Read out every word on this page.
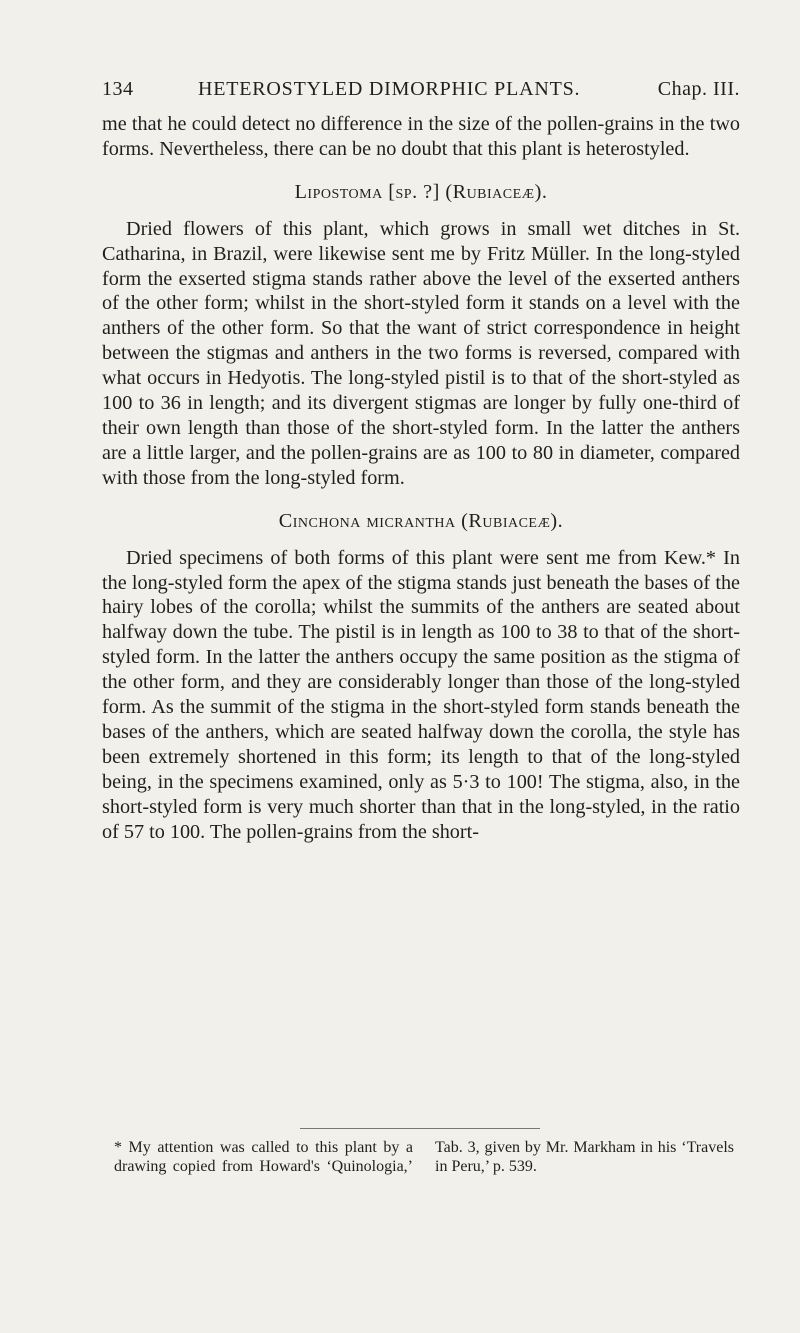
134	HETEROSTYLED DIMORPHIC PLANTS.	Chap. III.

me that he could detect no difference in the size of the pollen-grains in the two forms. Nevertheless, there can be no doubt that this plant is heterostyled.

Lipostoma [sp. ?] (Rubiaceæ).

Dried flowers of this plant, which grows in small wet ditches in St. Catharina, in Brazil, were likewise sent me by Fritz Müller. In the long-styled form the exserted stigma stands rather above the level of the exserted anthers of the other form; whilst in the short-styled form it stands on a level with the anthers of the other form. So that the want of strict correspondence in height between the stigmas and anthers in the two forms is reversed, compared with what occurs in Hedyotis. The long-styled pistil is to that of the short-styled as 100 to 36 in length; and its divergent stigmas are longer by fully one-third of their own length than those of the short-styled form. In the latter the anthers are a little larger, and the pollen-grains are as 100 to 80 in diameter, compared with those from the long-styled form.

Cinchona micrantha (Rubiaceæ).

Dried specimens of both forms of this plant were sent me from Kew.* In the long-styled form the apex of the stigma stands just beneath the bases of the hairy lobes of the corolla; whilst the summits of the anthers are seated about halfway down the tube. The pistil is in length as 100 to 38 to that of the short-styled form. In the latter the anthers occupy the same position as the stigma of the other form, and they are considerably longer than those of the long-styled form. As the summit of the stigma in the short-styled form stands beneath the bases of the anthers, which are seated halfway down the corolla, the style has been extremely shortened in this form; its length to that of the long-styled being, in the specimens examined, only as 5·3 to 100! The stigma, also, in the short-styled form is very much shorter than that in the long-styled, in the ratio of 57 to 100. The pollen-grains from the short-

* My attention was called to this plant by a drawing copied from Howard's ‘Quinologia,’ Tab. 3, given by Mr. Markham in his ‘Travels in Peru,’ p. 539.
